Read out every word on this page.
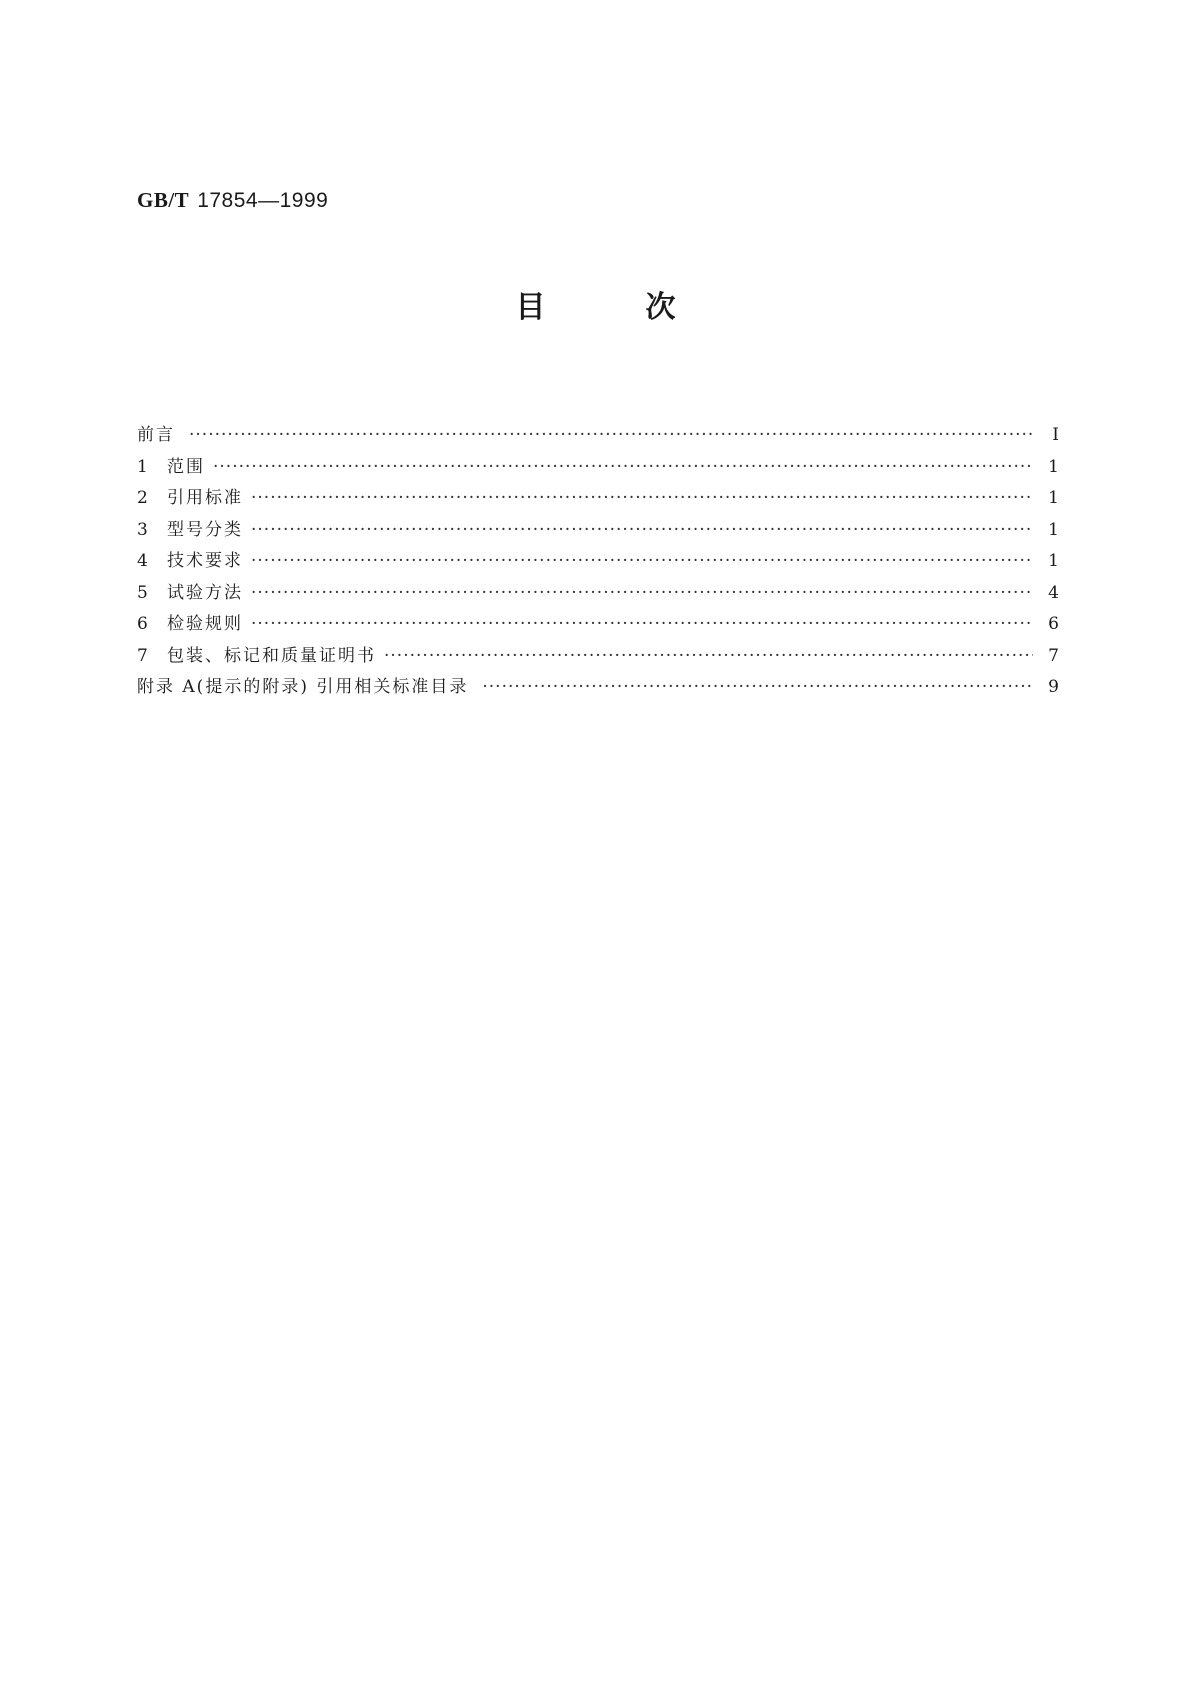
GB/T 17854—1999
目	次
前言 ·····	I
1	范围 ·····	1
2	引用标准 ·····	1
3	型号分类 ·····	1
4	技术要求 ·····	1
5	试验方法 ·····	4
6	检验规则 ·····	6
7	包装、标记和质量证明书 ·····	7
附录 A(提示的附录) 引用相关标准目录 ·····	9
